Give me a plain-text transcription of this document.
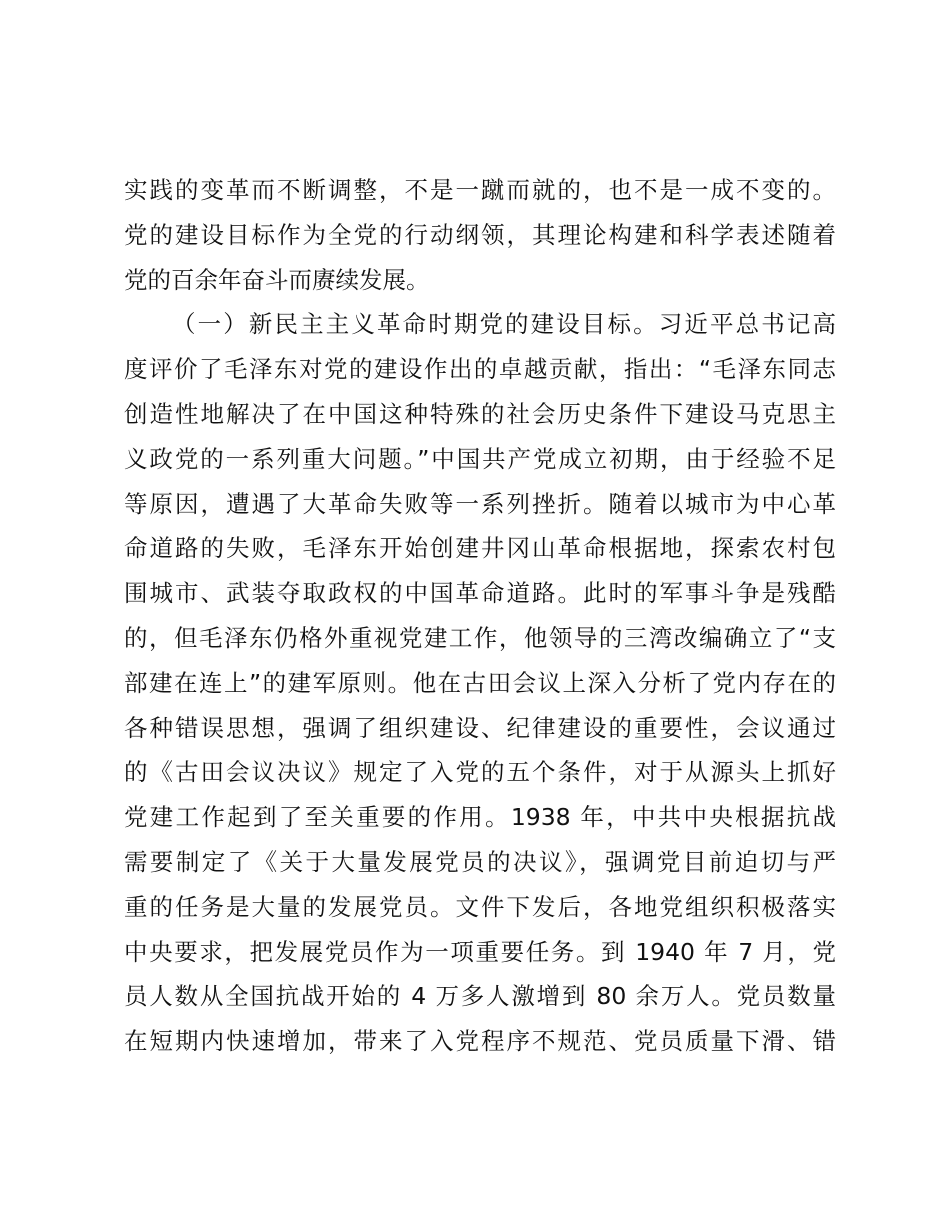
实践的变革而不断调整，不是一蹴而就的，也不是一成不变的。
党的建设目标作为全党的行动纲领，其理论构建和科学表述随着
党的百余年奋斗而赓续发展。
（一）新民主主义革命时期党的建设目标。习近平总书记高
度评价了毛泽东对党的建设作出的卓越贡献，指出：“毛泽东同志
创造性地解决了在中国这种特殊的社会历史条件下建设马克思主
义政党的一系列重大问题。”中国共产党成立初期，由于经验不足
等原因，遭遇了大革命失败等一系列挫折。随着以城市为中心革
命道路的失败，毛泽东开始创建井冈山革命根据地，探索农村包
围城市、武装夺取政权的中国革命道路。此时的军事斗争是残酷
的，但毛泽东仍格外重视党建工作，他领导的三湾改编确立了“支
部建在连上”的建军原则。他在古田会议上深入分析了党内存在的
各种错误思想，强调了组织建设、纪律建设的重要性，会议通过
的《古田会议决议》规定了入党的五个条件，对于从源头上抓好
党建工作起到了至关重要的作用。1938 年，中共中央根据抗战
需要制定了《关于大量发展党员的决议》，强调党目前迫切与严
重的任务是大量的发展党员。文件下发后，各地党组织积极落实
中央要求，把发展党员作为一项重要任务。到 1940 年 7 月，党
员人数从全国抗战开始的 4 万多人激增到 80 余万人。党员数量
在短期内快速增加，带来了入党程序不规范、党员质量下滑、错
